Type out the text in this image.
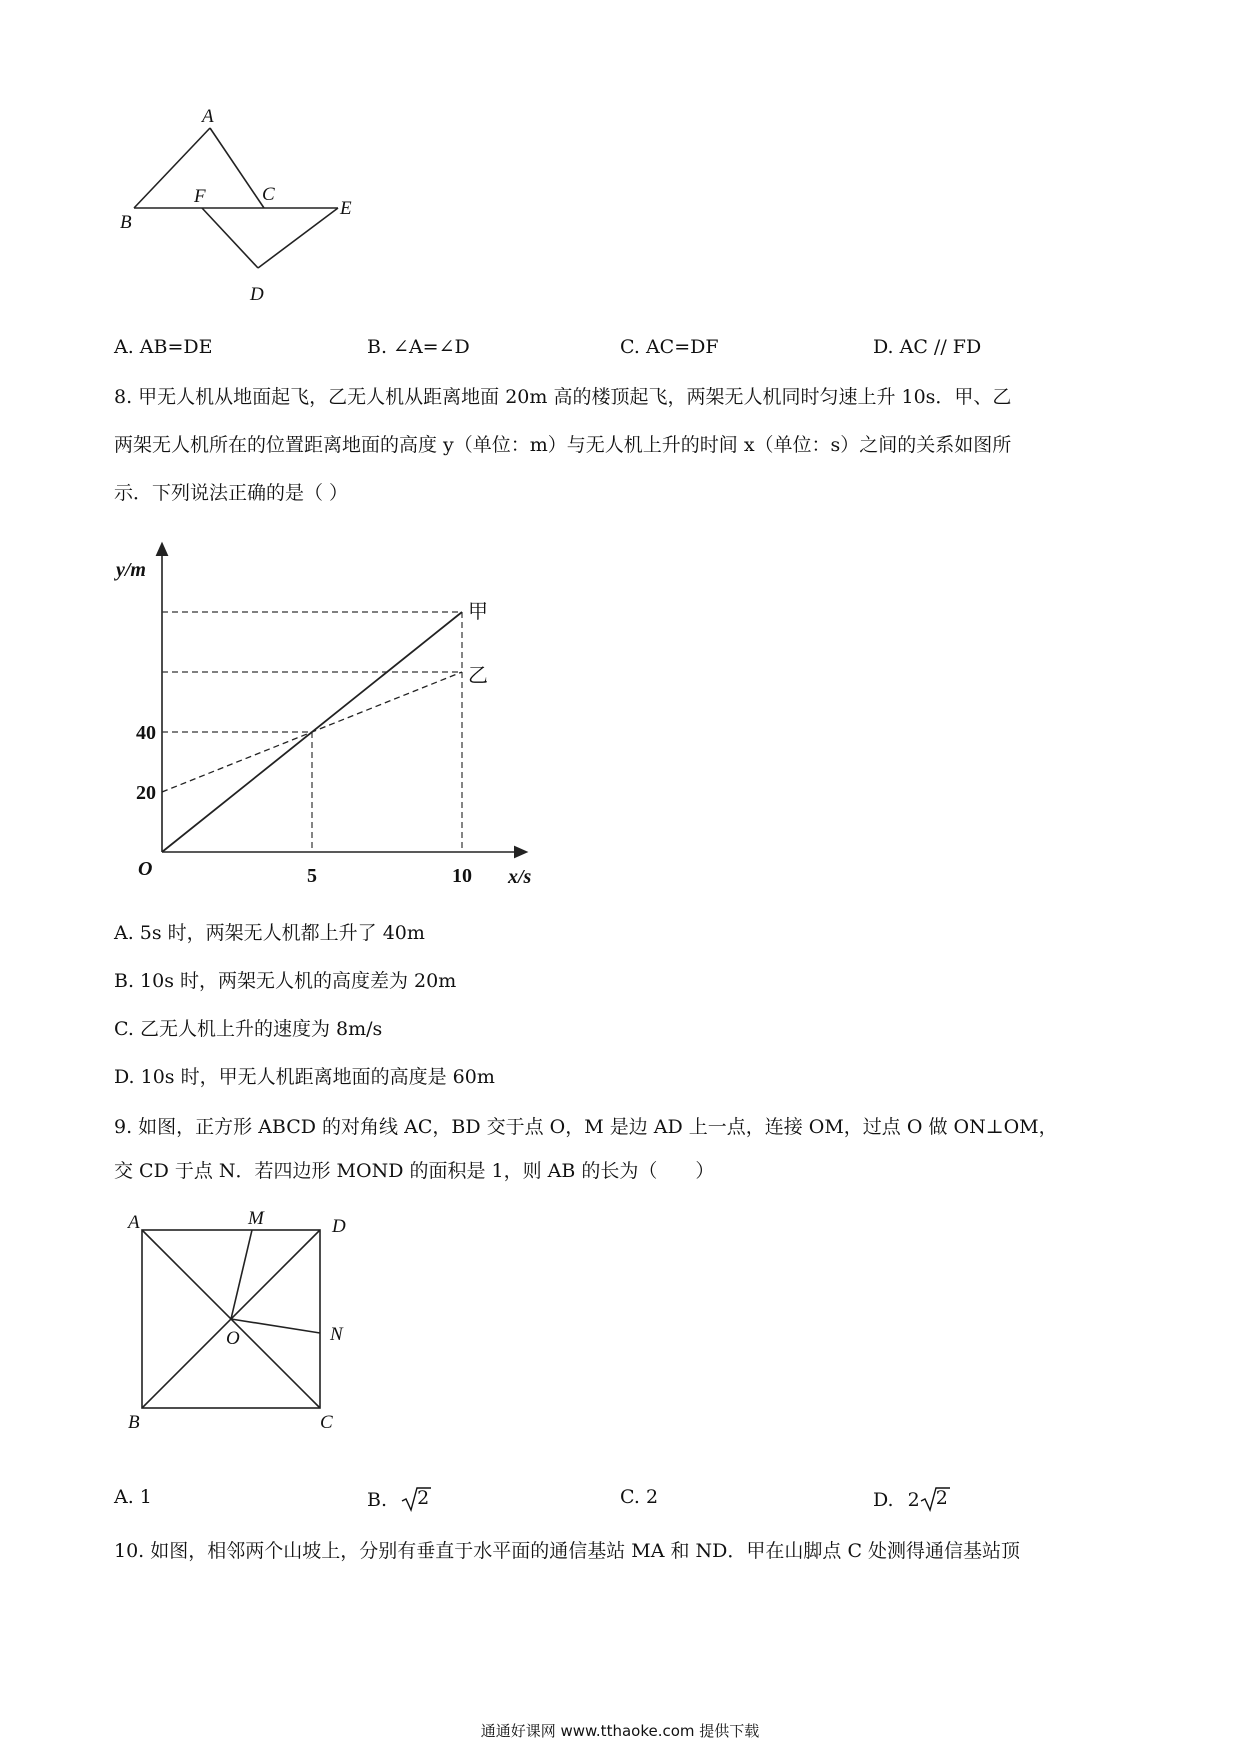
A
B
F	C
E
D
A. AB=DE	B. ∠A=∠D	C. AC=DF	D. AC // FD
8. 甲无人机从地面起飞，乙无人机从距离地面 20m 高的楼顶起飞，两架无人机同时匀速上升 10s．甲、乙
两架无人机所在的位置距离地面的高度 y（单位：m）与无人机上升的时间 x（单位：s）之间的关系如图所
示．下列说法正确的是（ ）
甲
乙
5	10
20
40
y/m
x/s
O
A. 5s 时，两架无人机都上升了 40m
B. 10s 时，两架无人机的高度差为 20m
C. 乙无人机上升的速度为 8m/s
D. 10s 时，甲无人机距离地面的高度是 60m
9. 如图，正方形 ABCD 的对角线 AC，BD 交于点 O，M 是边 AD 上一点，连接 OM，过点 O 做 ON⊥OM，
交 CD 于点 N．若四边形 MOND 的面积是 1，则 AB 的长为（　　）
A	M	D
O	N
B	C
A. 1	B. 2	C. 2	D. 2 2
10. 如图，相邻两个山坡上，分别有垂直于水平面的通信基站 MA 和 ND．甲在山脚点 C 处测得通信基站顶
通通好课网 www.tthaoke.com 提供下载
